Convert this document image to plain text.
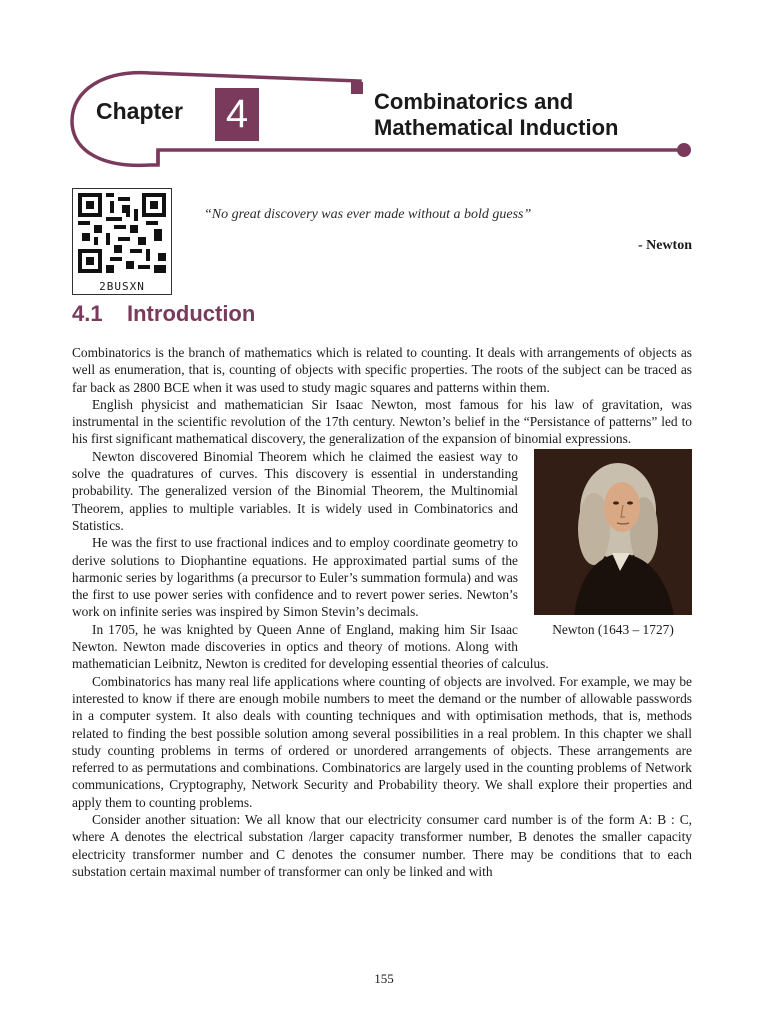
Chapter 4	Combinatorics and
Mathematical Induction
2BUSXN
“No great discovery was ever made without a bold guess”
- Newton
4.1 Introduction

Combinatorics is the branch of mathematics which is related to counting. It deals with arrangements of objects as well as enumeration, that is, counting of objects with specific properties. The roots of the subject can be traced as far back as 2800 BCE when it was used to study magic squares and patterns within them.

English physicist and mathematician Sir Isaac Newton, most famous for his law of gravitation, was instrumental in the scientific revolution of the 17th century. Newton’s belief in the “Persistance of patterns” led to his first significant mathematical discovery, the generalization of the expansion of binomial expressions.

Newton (1643 – 1727)

Newton discovered Binomial Theorem which he claimed the easiest way to solve the quadratures of curves. This discovery is essential in understanding probability. The generalized version of the Binomial Theorem, the Multinomial Theorem, applies to multiple variables. It is widely used in Combinatorics and Statistics.

He was the first to use fractional indices and to employ coordinate geometry to derive solutions to Diophantine equations. He approximated partial sums of the harmonic series by logarithms (a precursor to Euler’s summation formula) and was the first to use power series with confidence and to revert power series. Newton’s work on infinite series was inspired by Simon Stevin’s decimals.

In 1705, he was knighted by Queen Anne of England, making him Sir Isaac Newton. Newton made discoveries in optics and theory of motions. Along with mathematician Leibnitz, Newton is credited for developing essential theories of calculus.

Combinatorics has many real life applications where counting of objects are involved. For example, we may be interested to know if there are enough mobile numbers to meet the demand or the number of allowable passwords in a computer system. It also deals with counting techniques and with optimisation methods, that is, methods related to finding the best possible solution among several possibilities in a real problem. In this chapter we shall study counting problems in terms of ordered or unordered arrangements of objects. These arrangements are referred to as permutations and combinations. Combinatorics are largely used in the counting problems of Network communications, Cryptography, Network Security and Probability theory. We shall explore their properties and apply them to counting problems.

Consider another situation: We all know that our electricity consumer card number is of the form A: B : C, where A denotes the electrical substation /larger capacity transformer number, B denotes the smaller capacity electricity transformer number and C denotes the consumer number. There may be conditions that to each substation certain maximal number of transformer can only be linked and with

155
